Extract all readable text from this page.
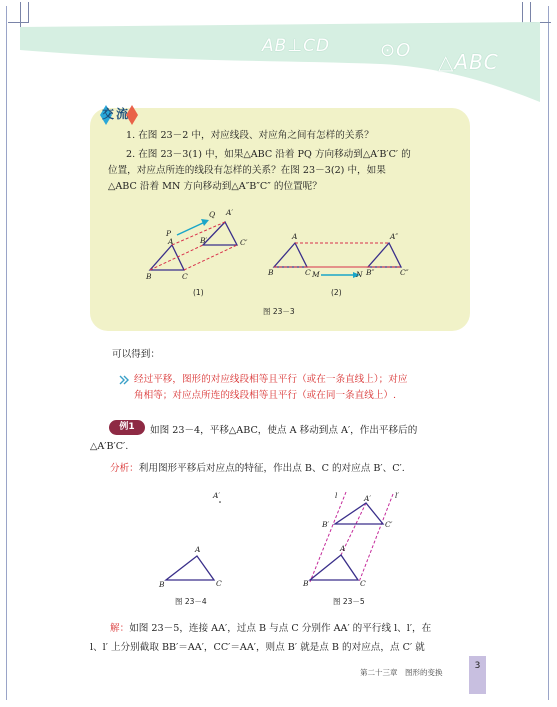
AB⊥CD	⊙O △ABC
交流
1. 在图 23－2 中，对应线段、对应角之间有怎样的关系？
2. 在图 23－3(1) 中，如果△ABC 沿着 PQ 方向移动到△A′B′C′ 的
位置，对应点所连的线段有怎样的关系？在图 23－3(2) 中，如果
△ABC 沿着 MN 方向移动到△A″B″C″ 的位置呢？
P
Q
A
A′
B′	C′
B	C
(1)
A	A″
B	C M	N B″	C″
(2)
图 23－3
可以得到：
经过平移，图形的对应线段相等且平行（或在一条直线上）；对应
角相等；对应点所连的线段相等且平行（或在同一条直线上）.
例1	如图 23－4，平移△ABC，使点 A 移动到点 A′，作出平移后的
△A′B′C′.
分析：利用图形平移后对应点的特征，作出点 B、C 的对应点 B′、C′.
A′
A
B	C
图 23－4
l	l′
A′
B′	C′
A
B	C
图 23－5
解：如图 23－5，连接 AA′，过点 B 与点 C 分别作 AA′ 的平行线 l、l′，在
l、l′ 上分别截取 BB′＝AA′，CC′＝AA′，则点 B′ 就是点 B 的对应点，点 C′ 就
第二十三章　图形的变换
3
